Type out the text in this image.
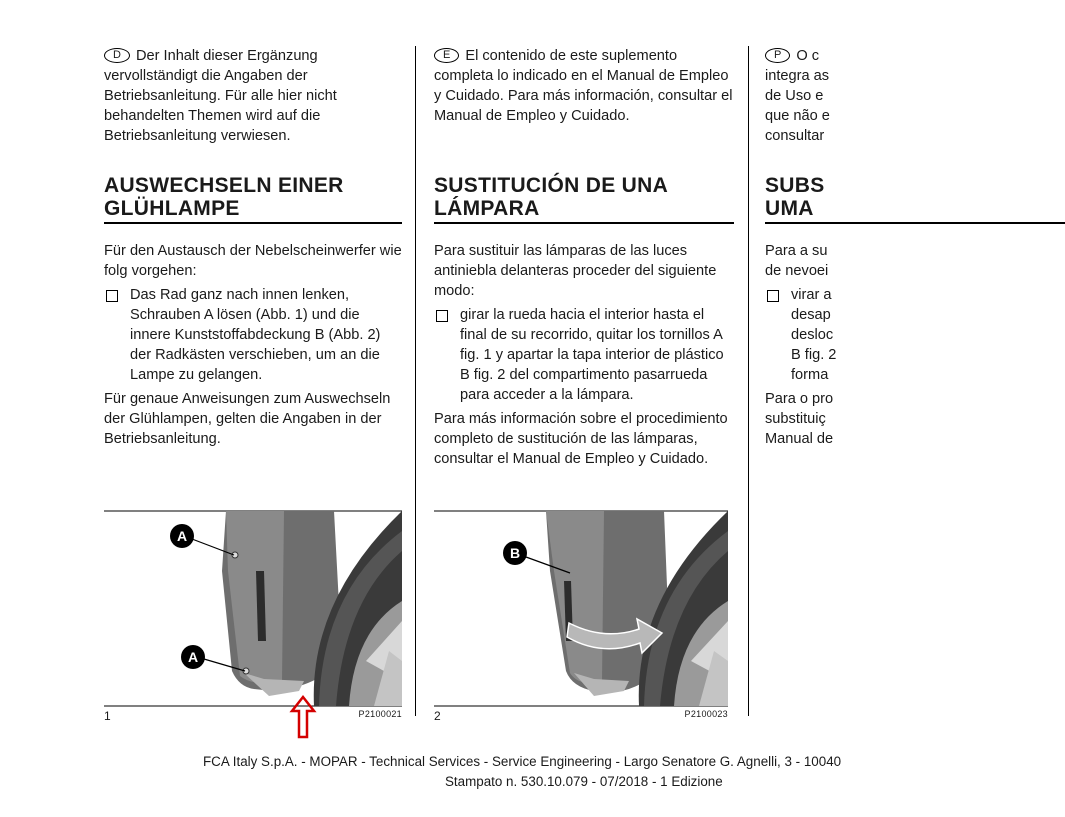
D Der Inhalt dieser Ergänzung vervollständigt die Angaben der Betriebsanleitung. Für alle hier nicht behandelten Themen wird auf die Betriebsanleitung verwiesen.

AUSWECHSELN EINER
GLÜHLAMPE

Für den Austausch der Nebelscheinwerfer wie folg vorgehen:

Das Rad ganz nach innen lenken, Schrauben A lösen (Abb. 1) und die innere Kunststoffabdeckung B (Abb. 2) der Radkästen verschieben, um an die Lampe zu gelangen.

Für genaue Anweisungen zum Auswechseln der Glühlampen, gelten die Angaben in der Betriebsanleitung.

A
A
1	P2100021

E El contenido de este suplemento completa lo indicado en el Manual de Empleo y Cuidado. Para más información, consultar el Manual de Empleo y Cuidado.

SUSTITUCIÓN DE UNA
LÁMPARA

Para sustituir las lámparas de las luces antiniebla delanteras proceder del siguiente modo:

girar la rueda hacia el interior hasta el final de su recorrido, quitar los tornillos A fig. 1 y apartar la tapa interior de plástico B fig. 2 del compartimento pasarrueda para acceder a la lámpara.

Para más información sobre el procedimiento completo de sustitución de las lámparas, consultar el Manual de Empleo y Cuidado.

B
2	P2100023
P O c
integra as
de Uso e
que não e
consultar
SUBS
UMA
Para a su
de nevoei
virar a
desap
desloc
B fig. 2
forma
Para o pro
substituiç
Manual de
FCA Italy S.p.A. - MOPAR - Technical Services - Service Engineering - Largo Senatore G. Agnelli, 3 - 10040
Stampato n. 530.10.079 - 07/2018 - 1 Edizione
